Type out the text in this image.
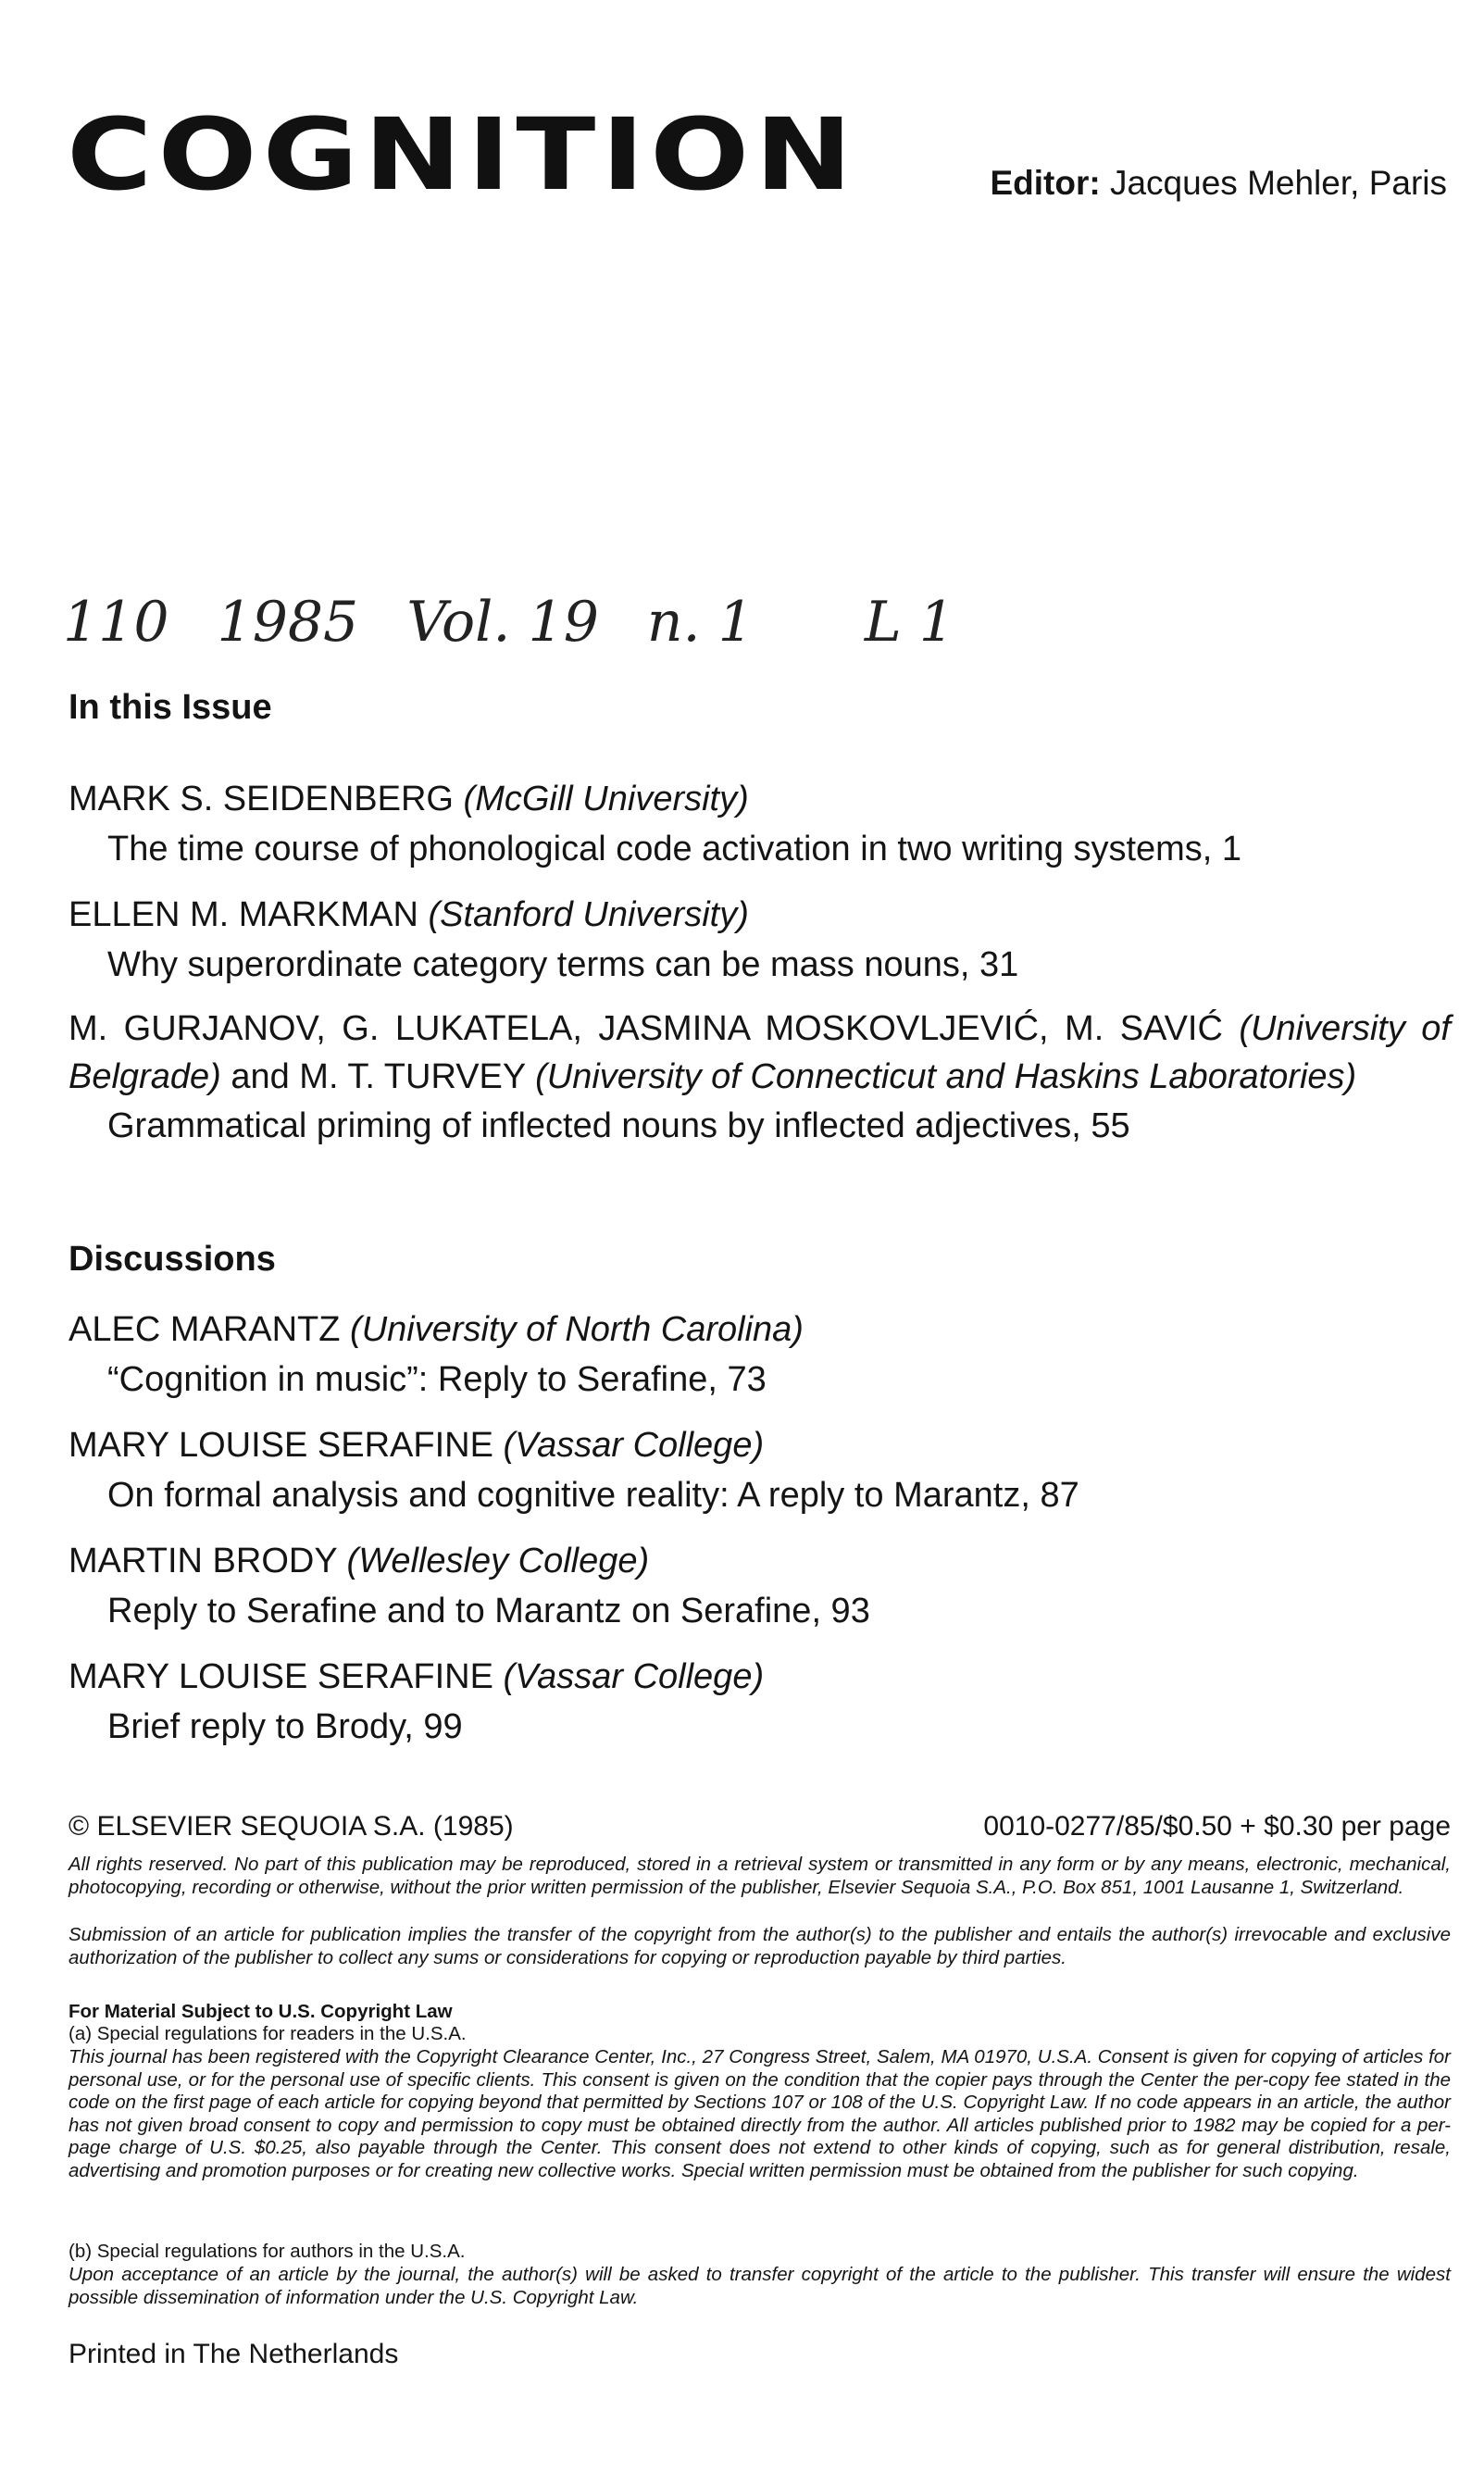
COGNITION	Editor: Jacques Mehler, Paris
110 1985 Vol. 19 n. 1 L 1
In this Issue
MARK S. SEIDENBERG (McGill University)
The time course of phonological code activation in two writing systems, 1
ELLEN M. MARKMAN (Stanford University)
Why superordinate category terms can be mass nouns, 31
M. GURJANOV, G. LUKATELA, JASMINA MOSKOVLJEVIĆ, M. SAVIĆ (University of Belgrade) and M. T. TURVEY (University of Connecticut and Haskins Laboratories)
Grammatical priming of inflected nouns by inflected adjectives, 55
Discussions
ALEC MARANTZ (University of North Carolina)
“Cognition in music”: Reply to Serafine, 73
MARY LOUISE SERAFINE (Vassar College)
On formal analysis and cognitive reality: A reply to Marantz, 87
MARTIN BRODY (Wellesley College)
Reply to Serafine and to Marantz on Serafine, 93
MARY LOUISE SERAFINE (Vassar College)
Brief reply to Brody, 99
© ELSEVIER SEQUOIA S.A. (1985)	0010-0277/85/$0.50 + $0.30 per page
All rights reserved. No part of this publication may be reproduced, stored in a retrieval system or transmitted in any form or by any means, electronic, mechanical, photocopying, recording or otherwise, without the prior written permission of the publisher, Elsevier Sequoia S.A., P.O. Box 851, 1001 Lausanne 1, Switzerland.
Submission of an article for publication implies the transfer of the copyright from the author(s) to the publisher and entails the author(s) irrevocable and exclusive authorization of the publisher to collect any sums or considerations for copying or reproduction payable by third parties.
For Material Subject to U.S. Copyright Law
(a) Special regulations for readers in the U.S.A.
This journal has been registered with the Copyright Clearance Center, Inc., 27 Congress Street, Salem, MA 01970, U.S.A. Consent is given for copying of articles for personal use, or for the personal use of specific clients. This consent is given on the condition that the copier pays through the Center the per-copy fee stated in the code on the first page of each article for copying beyond that permitted by Sections 107 or 108 of the U.S. Copyright Law. If no code appears in an article, the author has not given broad consent to copy and permission to copy must be obtained directly from the author. All articles published prior to 1982 may be copied for a per-page charge of U.S. $0.25, also payable through the Center. This consent does not extend to other kinds of copying, such as for general distribution, resale, advertising and promotion purposes or for creating new collective works. Special written permission must be obtained from the publisher for such copying.
(b) Special regulations for authors in the U.S.A.
Upon acceptance of an article by the journal, the author(s) will be asked to transfer copyright of the article to the publisher. This transfer will ensure the widest possible dissemination of information under the U.S. Copyright Law.
Printed in The Netherlands
